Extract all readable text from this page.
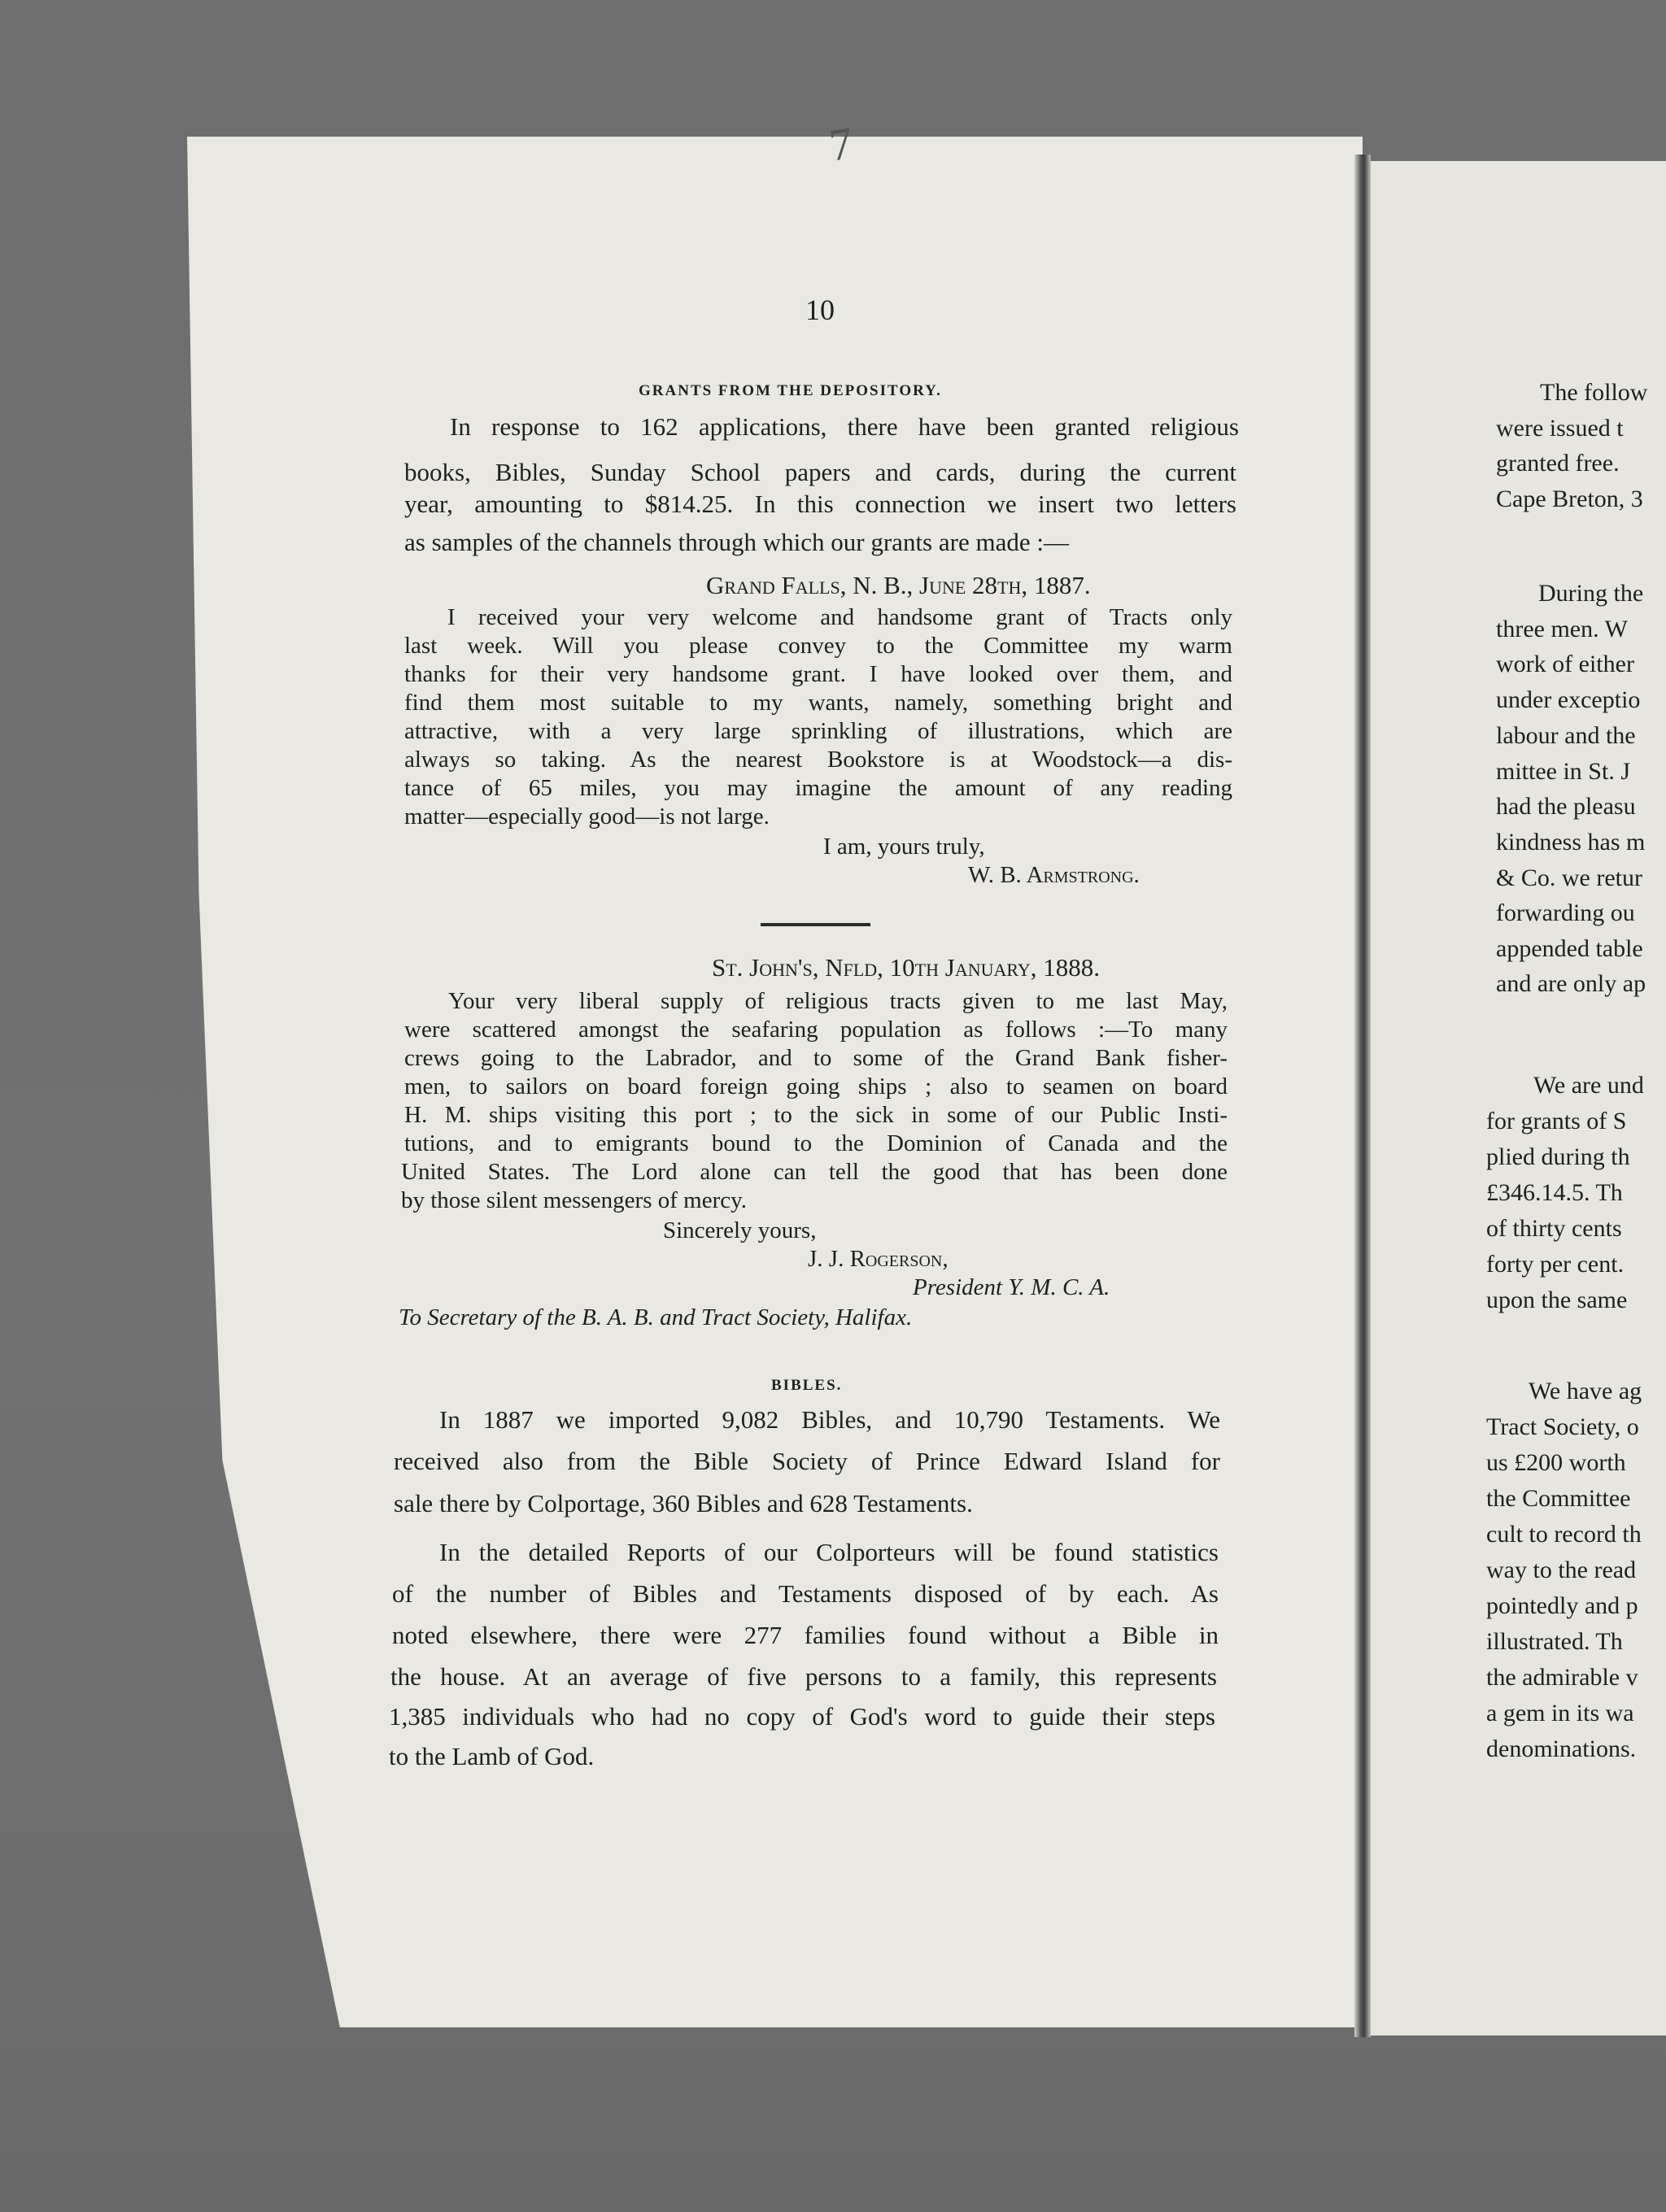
7
10
GRANTS FROM THE DEPOSITORY.
In response to 162 applications, there have been granted religious
books, Bibles, Sunday School papers and cards, during the current
year, amounting to $814.25. In this connection we insert two letters
as samples of the channels through which our grants are made :—
Grand Falls, N. B., June 28th, 1887.
I received your very welcome and handsome grant of Tracts only
last week. Will you please convey to the Committee my warm
thanks for their very handsome grant. I have looked over them, and
find them most suitable to my wants, namely, something bright and
attractive, with a very large sprinkling of illustrations, which are
always so taking. As the nearest Bookstore is at Woodstock—a dis-
tance of 65 miles, you may imagine the amount of any reading
matter—especially good—is not large.
I am, yours truly,
W. B. Armstrong.
St. John's, Nfld, 10th January, 1888.
Your very liberal supply of religious tracts given to me last May,
were scattered amongst the seafaring population as follows :—To many
crews going to the Labrador, and to some of the Grand Bank fisher-
men, to sailors on board foreign going ships ; also to seamen on board
H. M. ships visiting this port ; to the sick in some of our Public Insti-
tutions, and to emigrants bound to the Dominion of Canada and the
United States. The Lord alone can tell the good that has been done
by those silent messengers of mercy.
Sincerely yours,
J. J. Rogerson,
President Y. M. C. A.
To Secretary of the B. A. B. and Tract Society, Halifax.
BIBLES.
In 1887 we imported 9,082 Bibles, and 10,790 Testaments. We
received also from the Bible Society of Prince Edward Island for
sale there by Colportage, 360 Bibles and 628 Testaments.
In the detailed Reports of our Colporteurs will be found statistics
of the number of Bibles and Testaments disposed of by each. As
noted elsewhere, there were 277 families found without a Bible in
the house. At an average of five persons to a family, this represents
1,385 individuals who had no copy of God's word to guide their steps
to the Lamb of God.
The follow
were issued t
granted free.
Cape Breton, 3
During the
three men. W
work of either
under exceptio
labour and the
mittee in St. J
had the pleasu
kindness has m
& Co. we retur
forwarding ou
appended table
and are only ap
We are und
for grants of S
plied during th
£346.14.5. Th
of thirty cents
forty per cent.
upon the same
We have ag
Tract Society, o
us £200 worth
the Committee
cult to record th
way to the read
pointedly and p
illustrated. Th
the admirable v
a gem in its wa
denominations.
